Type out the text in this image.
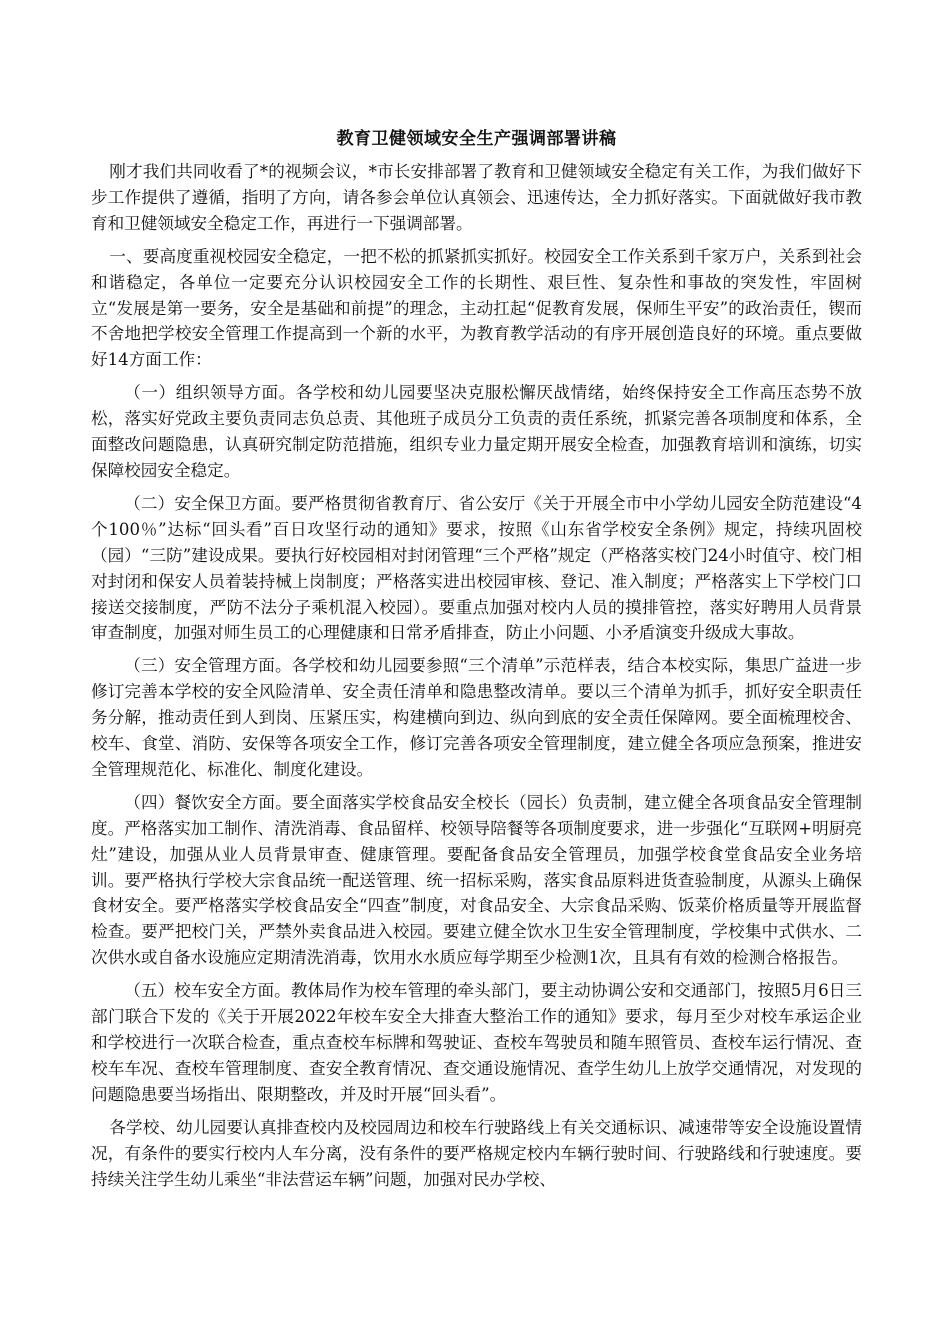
教育卫健领域安全生产强调部署讲稿

刚才我们共同收看了*的视频会议，*市长安排部署了教育和卫健领域安全稳定有关工作，为我们做好下步工作提供了遵循，指明了方向，请各参会单位认真领会、迅速传达，全力抓好落实。下面就做好我市教育和卫健领域安全稳定工作，再进行一下强调部署。

一、要高度重视校园安全稳定，一把不松的抓紧抓实抓好。校园安全工作关系到千家万户，关系到社会和谐稳定，各单位一定要充分认识校园安全工作的长期性、艰巨性、复杂性和事故的突发性，牢固树立“发展是第一要务，安全是基础和前提”的理念，主动扛起“促教育发展，保师生平安”的政治责任，锲而不舍地把学校安全管理工作提高到一个新的水平，为教育教学活动的有序开展创造良好的环境。重点要做好14方面工作：

（一）组织领导方面。各学校和幼儿园要坚决克服松懈厌战情绪，始终保持安全工作高压态势不放松，落实好党政主要负责同志负总责、其他班子成员分工负责的责任系统，抓紧完善各项制度和体系，全面整改问题隐患，认真研究制定防范措施，组织专业力量定期开展安全检查，加强教育培训和演练，切实保障校园安全稳定。

（二）安全保卫方面。要严格贯彻省教育厅、省公安厅《关于开展全市中小学幼儿园安全防范建设“4个100％”达标“回头看”百日攻坚行动的通知》要求，按照《山东省学校安全条例》规定，持续巩固校（园）“三防”建设成果。要执行好校园相对封闭管理“三个严格”规定（严格落实校门24小时值守、校门相对封闭和保安人员着装持械上岗制度；严格落实进出校园审核、登记、准入制度；严格落实上下学校门口接送交接制度，严防不法分子乘机混入校园）。要重点加强对校内人员的摸排管控，落实好聘用人员背景审查制度，加强对师生员工的心理健康和日常矛盾排查，防止小问题、小矛盾演变升级成大事故。

（三）安全管理方面。各学校和幼儿园要参照“三个清单”示范样表，结合本校实际，集思广益进一步修订完善本学校的安全风险清单、安全责任清单和隐患整改清单。要以三个清单为抓手，抓好安全职责任务分解，推动责任到人到岗、压紧压实，构建横向到边、纵向到底的安全责任保障网。要全面梳理校舍、校车、食堂、消防、安保等各项安全工作，修订完善各项安全管理制度，建立健全各项应急预案，推进安全管理规范化、标准化、制度化建设。

（四）餐饮安全方面。要全面落实学校食品安全校长（园长）负责制，建立健全各项食品安全管理制度。严格落实加工制作、清洗消毒、食品留样、校领导陪餐等各项制度要求，进一步强化“互联网+明厨亮灶”建设，加强从业人员背景审查、健康管理。要配备食品安全管理员，加强学校食堂食品安全业务培训。要严格执行学校大宗食品统一配送管理、统一招标采购，落实食品原料进货查验制度，从源头上确保食材安全。要严格落实学校食品安全“四查”制度，对食品安全、大宗食品采购、饭菜价格质量等开展监督检查。要严把校门关，严禁外卖食品进入校园。要建立健全饮水卫生安全管理制度，学校集中式供水、二次供水或自备水设施应定期清洗消毒，饮用水水质应每学期至少检测1次，且具有有效的检测合格报告。

（五）校车安全方面。教体局作为校车管理的牵头部门，要主动协调公安和交通部门，按照5月6日三部门联合下发的《关于开展2022年校车安全大排查大整治工作的通知》要求，每月至少对校车承运企业和学校进行一次联合检查，重点查校车标牌和驾驶证、查校车驾驶员和随车照管员、查校车运行情况、查校车车况、查校车管理制度、查安全教育情况、查交通设施情况、查学生幼儿上放学交通情况，对发现的问题隐患要当场指出、限期整改，并及时开展“回头看”。

各学校、幼儿园要认真排查校内及校园周边和校车行驶路线上有关交通标识、减速带等安全设施设置情况，有条件的要实行校内人车分离，没有条件的要严格规定校内车辆行驶时间、行驶路线和行驶速度。要持续关注学生幼儿乘坐“非法营运车辆”问题，加强对民办学校、
